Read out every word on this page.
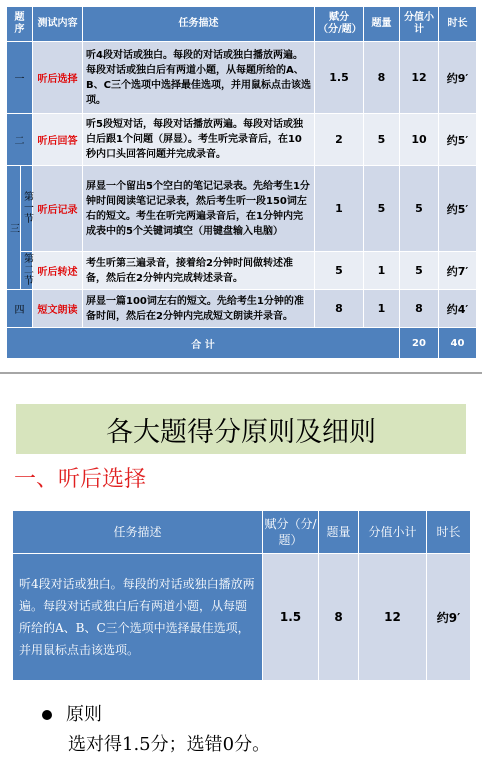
题序		测试内容	任务描述	赋分（分/题）	题量	分值小计	时长	
一		听后选择	听4段对话或独白。每段的对话或独白播放两遍。每段对话或独白后有两道小题，从每题所给的A、B、C三个选项中选择最佳选项，并用鼠标点击该选项。	1.5	8	12	约9′	
二		听后回答	听5段短对话，每段对话播放两遍。每段对话或独白后跟1个问题（屏显）。考生听完录音后，在10秒内口头回答问题并完成录音。	2	5	10	约5′	
三	第一节	听后记录	屏显一个留出5个空白的笔记记录表。先给考生1分钟时间阅读笔记记录表，然后考生听一段150词左右的短文。考生在听完两遍录音后，在1分钟内完成表中的5个关键词填空（用键盘输入电脑）	1	5	5	约5′	
	第二节	听后转述	考生听第三遍录音，接着给2分钟时间做转述准备，然后在2分钟内完成转述录音。	5	1	5	约7′	
四		短文朗读	屏显一篇100词左右的短文。先给考生1分钟的准备时间，然后在2分钟内完成短文朗读并录音。	8	1	8	约4′	
合 计						20	40	约30′
各大题得分原则及细则
一、听后选择
任务描述	赋分（分/题）	题量	分值小计	时长
听4段对话或独白。每段的对话或独白播放两遍。每段对话或独白后有两道小题，从每题所给的A、B、C三个选项中选择最佳选项，并用鼠标点击该选项。	1.5	8	12	约9′
原则
选对得1.5分；选错0分。
